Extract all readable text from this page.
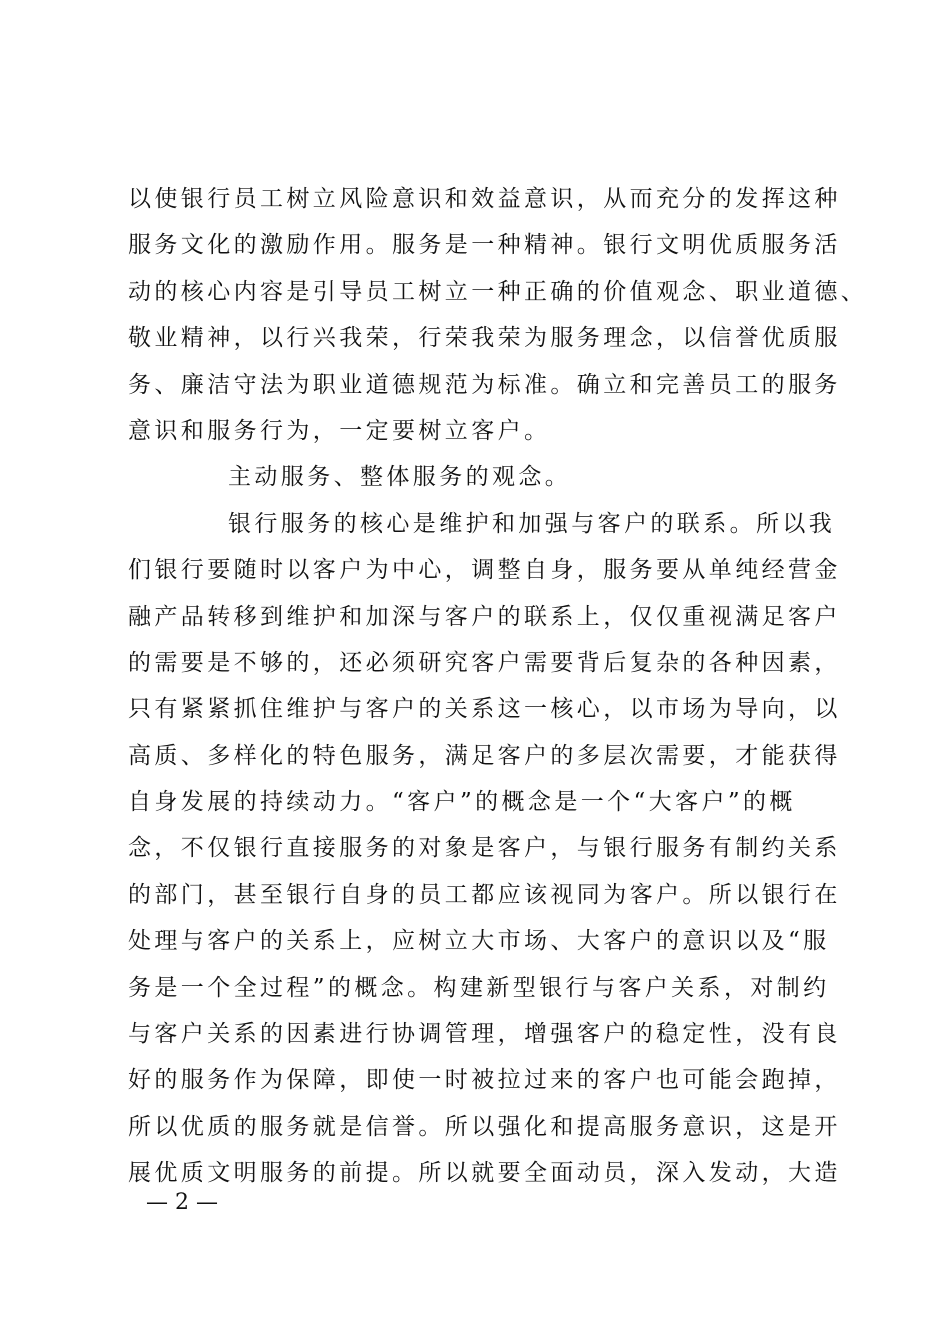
以使银行员工树立风险意识和效益意识，从而充分的发挥这种
服务文化的激励作用。服务是一种精神。银行文明优质服务活
动的核心内容是引导员工树立一种正确的价值观念、职业道德、
敬业精神，以行兴我荣，行荣我荣为服务理念，以信誉优质服
务、廉洁守法为职业道德规范为标准。确立和完善员工的服务
意识和服务行为，一定要树立客户。
主动服务、整体服务的观念。
银行服务的核心是维护和加强与客户的联系。所以我
们银行要随时以客户为中心，调整自身，服务要从单纯经营金
融产品转移到维护和加深与客户的联系上，仅仅重视满足客户
的需要是不够的，还必须研究客户需要背后复杂的各种因素，
只有紧紧抓住维护与客户的关系这一核心，以市场为导向，以
高质、多样化的特色服务，满足客户的多层次需要，才能获得
自身发展的持续动力。“客户”的概念是一个“大客户”的概
念，不仅银行直接服务的对象是客户，与银行服务有制约关系
的部门，甚至银行自身的员工都应该视同为客户。所以银行在
处理与客户的关系上，应树立大市场、大客户的意识以及“服
务是一个全过程”的概念。构建新型银行与客户关系，对制约
与客户关系的因素进行协调管理，增强客户的稳定性，没有良
好的服务作为保障，即使一时被拉过来的客户也可能会跑掉，
所以优质的服务就是信誉。所以强化和提高服务意识，这是开
展优质文明服务的前提。所以就要全面动员，深入发动，大造
— 2 —
